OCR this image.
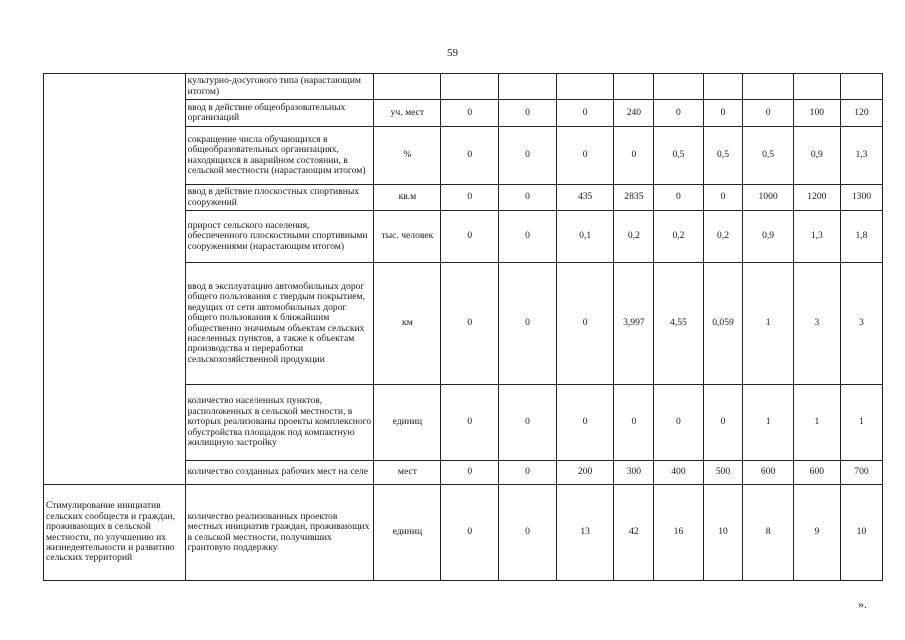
59
	культурно-досугового типа (нарастающим итогом)										
	ввод в действие общеобразовательных организаций	уч. мест	0	0	0	240	0	0	0	100	120
	сокращение числа обучающихся в общеобразовательных организациях, находящихся в аварийном состоянии, в сельской местности (нарастающим итогом)	%	0	0	0	0	0,5	0,5	0,5	0,9	1,3
	ввод в действие плоскостных спортивных сооружений	кв.м	0	0	435	2835	0	0	1000	1200	1300
	прирост сельского населения, обеспеченного плоскостными спортивными сооружениями (нарастающим итогом)	тыс. человек	0	0	0,1	0,2	0,2	0,2	0,9	1,3	1,8
	ввод в эксплуатацию автомобильных дорог общего пользования с твердым покрытием, ведущих от сети автомобильных дорог общего пользования к ближайшим общественно значимым объектам сельских населенных пунктов, а также к объектам производства и переработки сельскохозяйственной продукции	км	0	0	0	3,997	4,55	0,059	1	3	3
	количество населенных пунктов, расположенных в сельской местности, в которых реализованы проекты комплексного обустройства площадок под компактную жилищную застройку	единиц	0	0	0	0	0	0	1	1	1
	количество созданных рабочих мест на селе	мест	0	0	200	300	400	500	600	600	700
Стимулирование инициатив сельских сообществ и граждан, проживающих в сельской местности, по улучшению их жизнедеятельности и развитию сельских территорий	количество реализованных проектов местных инициатив граждан, проживающих в сельской местности, получивших грантовую поддержку	единиц	0	0	13	42	16	10	8	9	10
».
